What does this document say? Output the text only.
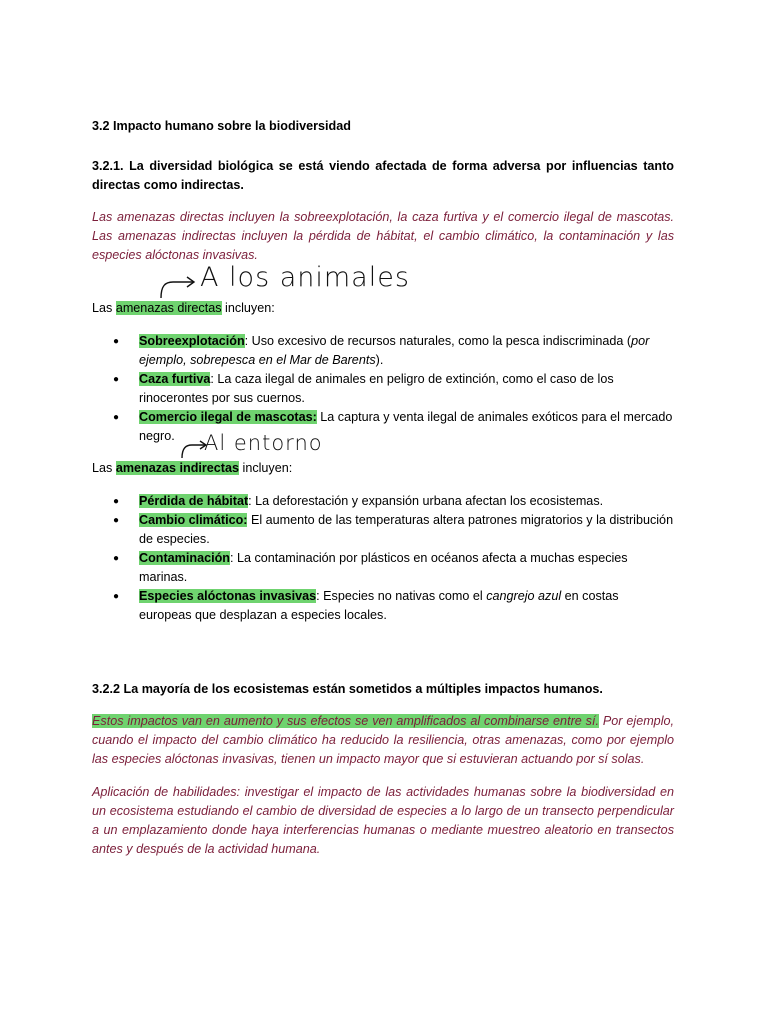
3.2 Impacto humano sobre la biodiversidad
3.2.1. La diversidad biológica se está viendo afectada de forma adversa por influencias tanto directas como indirectas.
Las amenazas directas incluyen la sobreexplotación, la caza furtiva y el comercio ilegal de mascotas. Las amenazas indirectas incluyen la pérdida de hábitat, el cambio climático, la contaminación y las especies alóctonas invasivas.
A los animales
Las amenazas directas incluyen:
● Sobreexplotación: Uso excesivo de recursos naturales, como la pesca indiscriminada (por ejemplo, sobrepesca en el Mar de Barents).
● Caza furtiva: La caza ilegal de animales en peligro de extinción, como el caso de los rinocerontes por sus cuernos.
● Comercio ilegal de mascotas: La captura y venta ilegal de animales exóticos para el mercado negro.	Al entorno
Las amenazas indirectas incluyen:
● Pérdida de hábitat: La deforestación y expansión urbana afectan los ecosistemas.
● Cambio climático: El aumento de las temperaturas altera patrones migratorios y la distribución de especies.
● Contaminación: La contaminación por plásticos en océanos afecta a muchas especies marinas.
● Especies alóctonas invasivas: Especies no nativas como el cangrejo azul en costas europeas que desplazan a especies locales.
3.2.2 La mayoría de los ecosistemas están sometidos a múltiples impactos humanos.
Estos impactos van en aumento y sus efectos se ven amplificados al combinarse entre sí. Por ejemplo, cuando el impacto del cambio climático ha reducido la resiliencia, otras amenazas, como por ejemplo las especies alóctonas invasivas, tienen un impacto mayor que si estuvieran actuando por sí solas.
Aplicación de habilidades: investigar el impacto de las actividades humanas sobre la biodiversidad en un ecosistema estudiando el cambio de diversidad de especies a lo largo de un transecto perpendicular a un emplazamiento donde haya interferencias humanas o mediante muestreo aleatorio en transectos antes y después de la actividad humana.
